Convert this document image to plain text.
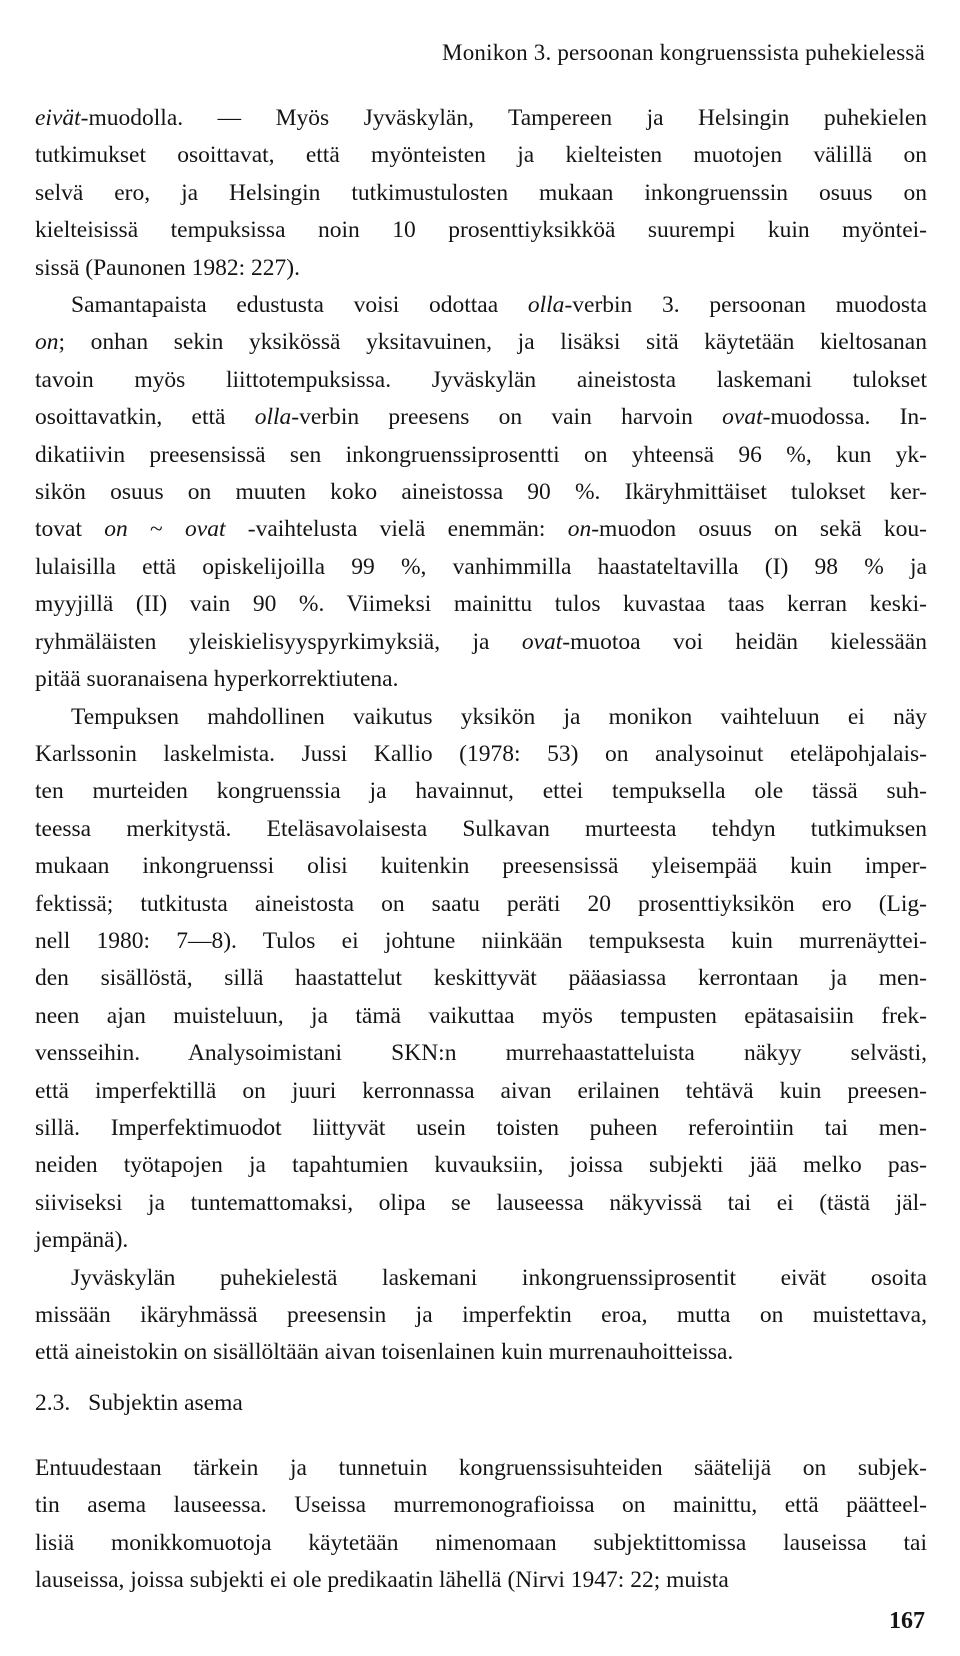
Monikon 3. persoonan kongruenssista puhekielessä
eivät-muodolla. — Myös Jyväskylän, Tampereen ja Helsingin puhekielen
tutkimukset osoittavat, että myönteisten ja kielteisten muotojen välillä on
selvä ero, ja Helsingin tutkimustulosten mukaan inkongruenssin osuus on
kielteisissä tempuksissa noin 10 prosenttiyksikköä suurempi kuin myöntei-
sissä (Paunonen 1982: 227).
Samantapaista edustusta voisi odottaa olla-verbin 3. persoonan muodosta
on; onhan sekin yksikössä yksitavuinen, ja lisäksi sitä käytetään kieltosanan
tavoin myös liittotempuksissa. Jyväskylän aineistosta laskemani tulokset
osoittavatkin, että olla-verbin preesens on vain harvoin ovat-muodossa. In-
dikatiivin preesensissä sen inkongruenssiprosentti on yhteensä 96 %, kun yk-
sikön osuus on muuten koko aineistossa 90 %. Ikäryhmittäiset tulokset ker-
tovat on ~ ovat -vaihtelusta vielä enemmän: on-muodon osuus on sekä kou-
lulaisilla että opiskelijoilla 99 %, vanhimmilla haastateltavilla (I) 98 % ja
myyjillä (II) vain 90 %. Viimeksi mainittu tulos kuvastaa taas kerran keski-
ryhmäläisten yleiskielisyyspyrkimyksiä, ja ovat-muotoa voi heidän kielessään
pitää suoranaisena hyperkorrektiutena.
Tempuksen mahdollinen vaikutus yksikön ja monikon vaihteluun ei näy
Karlssonin laskelmista. Jussi Kallio (1978: 53) on analysoinut eteläpohjalais-
ten murteiden kongruenssia ja havainnut, ettei tempuksella ole tässä suh-
teessa merkitystä. Eteläsavolaisesta Sulkavan murteesta tehdyn tutkimuksen
mukaan inkongruenssi olisi kuitenkin preesensissä yleisempää kuin imper-
fektissä; tutkitusta aineistosta on saatu peräti 20 prosenttiyksikön ero (Lig-
nell 1980: 7—8). Tulos ei johtune niinkään tempuksesta kuin murrenäyttei-
den sisällöstä, sillä haastattelut keskittyvät pääasiassa kerrontaan ja men-
neen ajan muisteluun, ja tämä vaikuttaa myös tempusten epätasaisiin frek-
vensseihin. Analysoimistani SKN:n murrehaastatteluista näkyy selvästi,
että imperfektillä on juuri kerronnassa aivan erilainen tehtävä kuin preesen-
sillä. Imperfektimuodot liittyvät usein toisten puheen referointiin tai men-
neiden työtapojen ja tapahtumien kuvauksiin, joissa subjekti jää melko pas-
siiviseksi ja tuntemattomaksi, olipa se lauseessa näkyvissä tai ei (tästä jäl-
jempänä).
Jyväskylän puhekielestä laskemani inkongruenssiprosentit eivät osoita
missään ikäryhmässä preesensin ja imperfektin eroa, mutta on muistettava,
että aineistokin on sisällöltään aivan toisenlainen kuin murrenauhoitteissa.
2.3. Subjektin asema
Entuudestaan tärkein ja tunnetuin kongruenssisuhteiden säätelijä on subjek-
tin asema lauseessa. Useissa murremonografioissa on mainittu, että päätteel-
lisiä monikkomuotoja käytetään nimenomaan subjektittomissa lauseissa tai
lauseissa, joissa subjekti ei ole predikaatin lähellä (Nirvi 1947: 22; muista
167
